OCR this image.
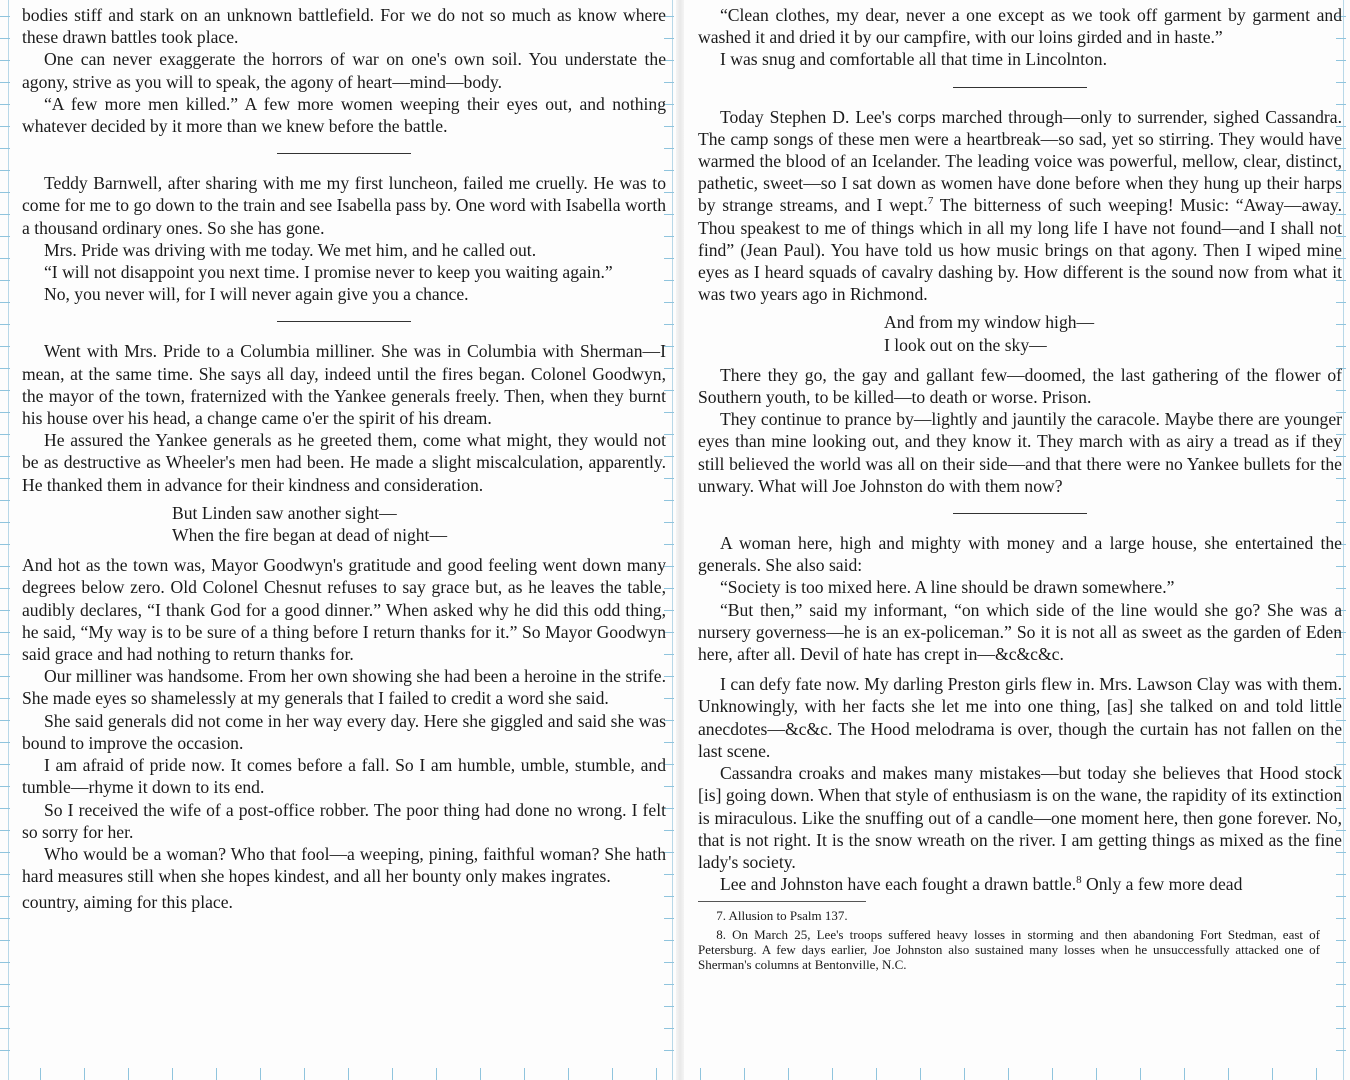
bodies stiff and stark on an unknown battlefield. For we do not so much as know where these drawn battles took place.

One can never exaggerate the horrors of war on one's own soil. You understate the agony, strive as you will to speak, the agony of heart—mind—body.

“A few more men killed.” A few more women weeping their eyes out, and nothing whatever decided by it more than we knew before the battle.

Teddy Barnwell, after sharing with me my first luncheon, failed me cruelly. He was to come for me to go down to the train and see Isabella pass by. One word with Isabella worth a thousand ordinary ones. So she has gone.

Mrs. Pride was driving with me today. We met him, and he called out.

“I will not disappoint you next time. I promise never to keep you waiting again.”

No, you never will, for I will never again give you a chance.

Went with Mrs. Pride to a Columbia milliner. She was in Columbia with Sherman—I mean, at the same time. She says all day, indeed until the fires began. Colonel Goodwyn, the mayor of the town, fraternized with the Yankee generals freely. Then, when they burnt his house over his head, a change came o'er the spirit of his dream.

He assured the Yankee generals as he greeted them, come what might, they would not be as destructive as Wheeler's men had been. He made a slight miscalculation, apparently. He thanked them in advance for their kindness and consideration.

But Linden saw another sight—
When the fire began at dead of night—

And hot as the town was, Mayor Goodwyn's gratitude and good feeling went down many degrees below zero. Old Colonel Chesnut refuses to say grace but, as he leaves the table, audibly declares, “I thank God for a good dinner.” When asked why he did this odd thing, he said, “My way is to be sure of a thing before I return thanks for it.” So Mayor Goodwyn said grace and had nothing to return thanks for.

Our milliner was handsome. From her own showing she had been a heroine in the strife. She made eyes so shamelessly at my generals that I failed to credit a word she said.

She said generals did not come in her way every day. Here she giggled and said she was bound to improve the occasion.

I am afraid of pride now. It comes before a fall. So I am humble, umble, stumble, and tumble—rhyme it down to its end.

So I received the wife of a post-office robber. The poor thing had done no wrong. I felt so sorry for her.

Who would be a woman? Who that fool—a weeping, pining, faithful woman? She hath hard measures still when she hopes kindest, and all her bounty only makes ingrates.

country, aiming for this place.

“Clean clothes, my dear, never a one except as we took off garment by garment and washed it and dried it by our campfire, with our loins girded and in haste.”

I was snug and comfortable all that time in Lincolnton.

Today Stephen D. Lee's corps marched through—only to surrender, sighed Cassandra. The camp songs of these men were a heartbreak—so sad, yet so stirring. They would have warmed the blood of an Icelander. The leading voice was powerful, mellow, clear, distinct, pathetic, sweet—so I sat down as women have done before when they hung up their harps by strange streams, and I wept.$^7$ The bitterness of such weeping! Music: “Away—away. Thou speakest to me of things which in all my long life I have not found—and I shall not find” (Jean Paul). You have told us how music brings on that agony. Then I wiped mine eyes as I heard squads of cavalry dashing by. How different is the sound now from what it was two years ago in Richmond.

And from my window high—
I look out on the sky—

There they go, the gay and gallant few—doomed, the last gathering of the flower of Southern youth, to be killed—to death or worse. Prison.

They continue to prance by—lightly and jauntily the caracole. Maybe there are younger eyes than mine looking out, and they know it. They march with as airy a tread as if they still believed the world was all on their side—and that there were no Yankee bullets for the unwary. What will Joe Johnston do with them now?

A woman here, high and mighty with money and a large house, she entertained the generals. She also said:

“Society is too mixed here. A line should be drawn somewhere.”

“But then,” said my informant, “on which side of the line would she go? She was a nursery governess—he is an ex-policeman.” So it is not all as sweet as the garden of Eden here, after all. Devil of hate has crept in—&c&c&c.

I can defy fate now. My darling Preston girls flew in. Mrs. Lawson Clay was with them. Unknowingly, with her facts she let me into one thing, [as] she talked on and told little anecdotes—&c&c. The Hood melodrama is over, though the curtain has not fallen on the last scene.

Cassandra croaks and makes many mistakes—but today she believes that Hood stock [is] going down. When that style of enthusiasm is on the wane, the rapidity of its extinction is miraculous. Like the snuffing out of a candle—one moment here, then gone forever. No, that is not right. It is the snow wreath on the river. I am getting things as mixed as the fine lady's society.

Lee and Johnston have each fought a drawn battle.$^8$ Only a few more dead

7. Allusion to Psalm 137.
8. On March 25, Lee's troops suffered heavy losses in storming and then abandoning Fort Stedman, east of Petersburg. A few days earlier, Joe Johnston also sustained many losses when he unsuccessfully attacked one of Sherman's columns at Bentonville, N.C.
